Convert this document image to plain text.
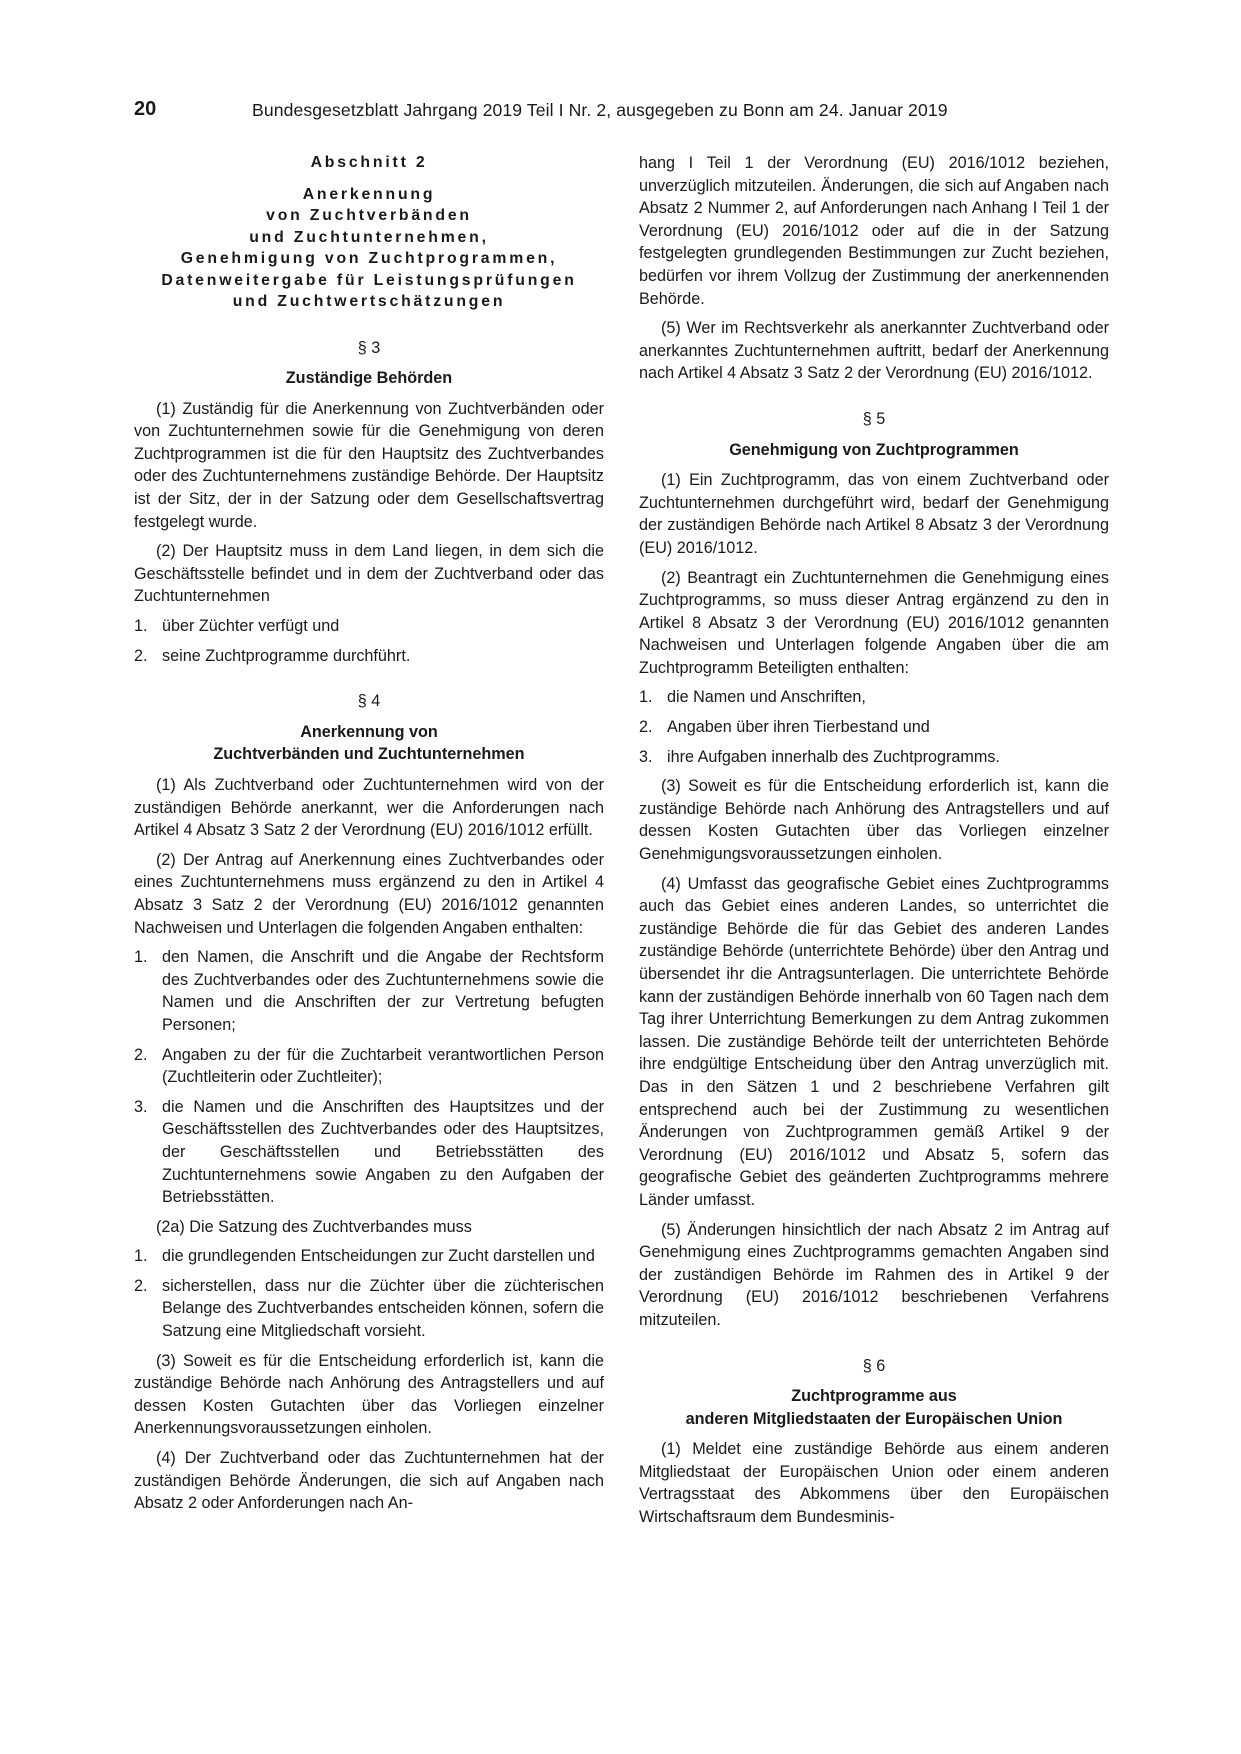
20	Bundesgesetzblatt Jahrgang 2019 Teil I Nr. 2, ausgegeben zu Bonn am 24. Januar 2019
Abschnitt 2
Anerkennung
von Zuchtverbänden
und Zuchtunternehmen,
Genehmigung von Zuchtprogrammen,
Datenweitergabe für Leistungsprüfungen
und Zuchtwertschätzungen
§ 3
Zuständige Behörden

(1) Zuständig für die Anerkennung von Zuchtverbänden oder von Zuchtunternehmen sowie für die Genehmigung von deren Zuchtprogrammen ist die für den Hauptsitz des Zuchtverbandes oder des Zuchtunternehmens zuständige Behörde. Der Hauptsitz ist der Sitz, der in der Satzung oder dem Gesellschaftsvertrag festgelegt wurde.

(2) Der Hauptsitz muss in dem Land liegen, in dem sich die Geschäftsstelle befindet und in dem der Zuchtverband oder das Zuchtunternehmen

1. über Züchter verfügt und
2. seine Zuchtprogramme durchführt.
§ 4
Anerkennung von
Zuchtverbänden und Zuchtunternehmen

(1) Als Zuchtverband oder Zuchtunternehmen wird von der zuständigen Behörde anerkannt, wer die Anforderungen nach Artikel 4 Absatz 3 Satz 2 der Verordnung (EU) 2016/1012 erfüllt.

(2) Der Antrag auf Anerkennung eines Zuchtverbandes oder eines Zuchtunternehmens muss ergänzend zu den in Artikel 4 Absatz 3 Satz 2 der Verordnung (EU) 2016/1012 genannten Nachweisen und Unterlagen die folgenden Angaben enthalten:

1. den Namen, die Anschrift und die Angabe der Rechtsform des Zuchtverbandes oder des Zuchtunternehmens sowie die Namen und die Anschriften der zur Vertretung befugten Personen;
2. Angaben zu der für die Zuchtarbeit verantwortlichen Person (Zuchtleiterin oder Zuchtleiter);
3. die Namen und die Anschriften des Hauptsitzes und der Geschäftsstellen des Zuchtverbandes oder des Hauptsitzes, der Geschäftsstellen und Betriebsstätten des Zuchtunternehmens sowie Angaben zu den Aufgaben der Betriebsstätten.

(2a) Die Satzung des Zuchtverbandes muss

1. die grundlegenden Entscheidungen zur Zucht darstellen und
2. sicherstellen, dass nur die Züchter über die züchterischen Belange des Zuchtverbandes entscheiden können, sofern die Satzung eine Mitgliedschaft vorsieht.

(3) Soweit es für die Entscheidung erforderlich ist, kann die zuständige Behörde nach Anhörung des Antragstellers und auf dessen Kosten Gutachten über das Vorliegen einzelner Anerkennungsvoraussetzungen einholen.

(4) Der Zuchtverband oder das Zuchtunternehmen hat der zuständigen Behörde Änderungen, die sich auf Angaben nach Absatz 2 oder Anforderungen nach An-

hang I Teil 1 der Verordnung (EU) 2016/1012 beziehen, unverzüglich mitzuteilen. Änderungen, die sich auf Angaben nach Absatz 2 Nummer 2, auf Anforderungen nach Anhang I Teil 1 der Verordnung (EU) 2016/1012 oder auf die in der Satzung festgelegten grundlegenden Bestimmungen zur Zucht beziehen, bedürfen vor ihrem Vollzug der Zustimmung der anerkennenden Behörde.

(5) Wer im Rechtsverkehr als anerkannter Zuchtverband oder anerkanntes Zuchtunternehmen auftritt, bedarf der Anerkennung nach Artikel 4 Absatz 3 Satz 2 der Verordnung (EU) 2016/1012.

§ 5
Genehmigung von Zuchtprogrammen

(1) Ein Zuchtprogramm, das von einem Zuchtverband oder Zuchtunternehmen durchgeführt wird, bedarf der Genehmigung der zuständigen Behörde nach Artikel 8 Absatz 3 der Verordnung (EU) 2016/1012.

(2) Beantragt ein Zuchtunternehmen die Genehmigung eines Zuchtprogramms, so muss dieser Antrag ergänzend zu den in Artikel 8 Absatz 3 der Verordnung (EU) 2016/1012 genannten Nachweisen und Unterlagen folgende Angaben über die am Zuchtprogramm Beteiligten enthalten:

1. die Namen und Anschriften,
2. Angaben über ihren Tierbestand und
3. ihre Aufgaben innerhalb des Zuchtprogramms.

(3) Soweit es für die Entscheidung erforderlich ist, kann die zuständige Behörde nach Anhörung des Antragstellers und auf dessen Kosten Gutachten über das Vorliegen einzelner Genehmigungsvoraussetzungen einholen.

(4) Umfasst das geografische Gebiet eines Zuchtprogramms auch das Gebiet eines anderen Landes, so unterrichtet die zuständige Behörde die für das Gebiet des anderen Landes zuständige Behörde (unterrichtete Behörde) über den Antrag und übersendet ihr die Antragsunterlagen. Die unterrichtete Behörde kann der zuständigen Behörde innerhalb von 60 Tagen nach dem Tag ihrer Unterrichtung Bemerkungen zu dem Antrag zukommen lassen. Die zuständige Behörde teilt der unterrichteten Behörde ihre endgültige Entscheidung über den Antrag unverzüglich mit. Das in den Sätzen 1 und 2 beschriebene Verfahren gilt entsprechend auch bei der Zustimmung zu wesentlichen Änderungen von Zuchtprogrammen gemäß Artikel 9 der Verordnung (EU) 2016/1012 und Absatz 5, sofern das geografische Gebiet des geänderten Zuchtprogramms mehrere Länder umfasst.

(5) Änderungen hinsichtlich der nach Absatz 2 im Antrag auf Genehmigung eines Zuchtprogramms gemachten Angaben sind der zuständigen Behörde im Rahmen des in Artikel 9 der Verordnung (EU) 2016/1012 beschriebenen Verfahrens mitzuteilen.

§ 6
Zuchtprogramme aus
anderen Mitgliedstaaten der Europäischen Union

(1) Meldet eine zuständige Behörde aus einem anderen Mitgliedstaat der Europäischen Union oder einem anderen Vertragsstaat des Abkommens über den Europäischen Wirtschaftsraum dem Bundesminis-
